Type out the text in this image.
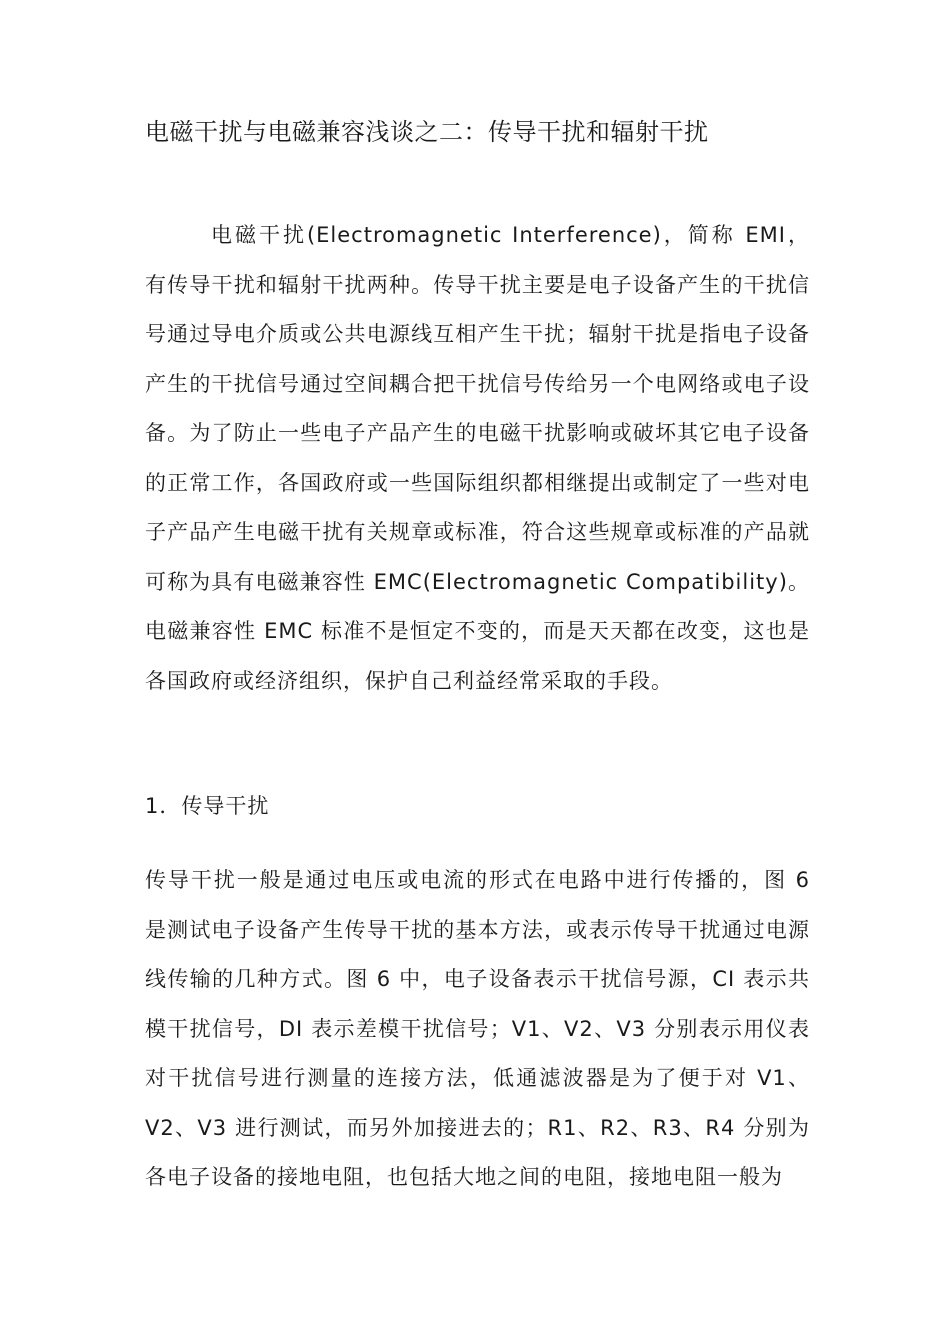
电磁干扰与电磁兼容浅谈之二：传导干扰和辐射干扰

电磁干扰(Electromagnetic Interference)，简称 EMI，有传导干扰和辐射干扰两种。传导干扰主要是电子设备产生的干扰信号通过导电介质或公共电源线互相产生干扰；辐射干扰是指电子设备产生的干扰信号通过空间耦合把干扰信号传给另一个电网络或电子设备。为了防止一些电子产品产生的电磁干扰影响或破坏其它电子设备的正常工作，各国政府或一些国际组织都相继提出或制定了一些对电子产品产生电磁干扰有关规章或标准，符合这些规章或标准的产品就可称为具有电磁兼容性 EMC(Electromagnetic Compatibility)。电磁兼容性 EMC 标准不是恒定不变的，而是天天都在改变，这也是各国政府或经济组织，保护自己利益经常采取的手段。

1．传导干扰

传导干扰一般是通过电压或电流的形式在电路中进行传播的，图 6 是测试电子设备产生传导干扰的基本方法，或表示传导干扰通过电源线传输的几种方式。图 6 中，电子设备表示干扰信号源，CI 表示共模干扰信号，DI 表示差模干扰信号；V1、V2、V3 分别表示用仪表对干扰信号进行测量的连接方法，低通滤波器是为了便于对 V1、V2、V3 进行测试，而另外加接进去的；R1、R2、R3、R4 分别为各电子设备的接地电阻，也包括大地之间的电阻，接地电阻一般为
